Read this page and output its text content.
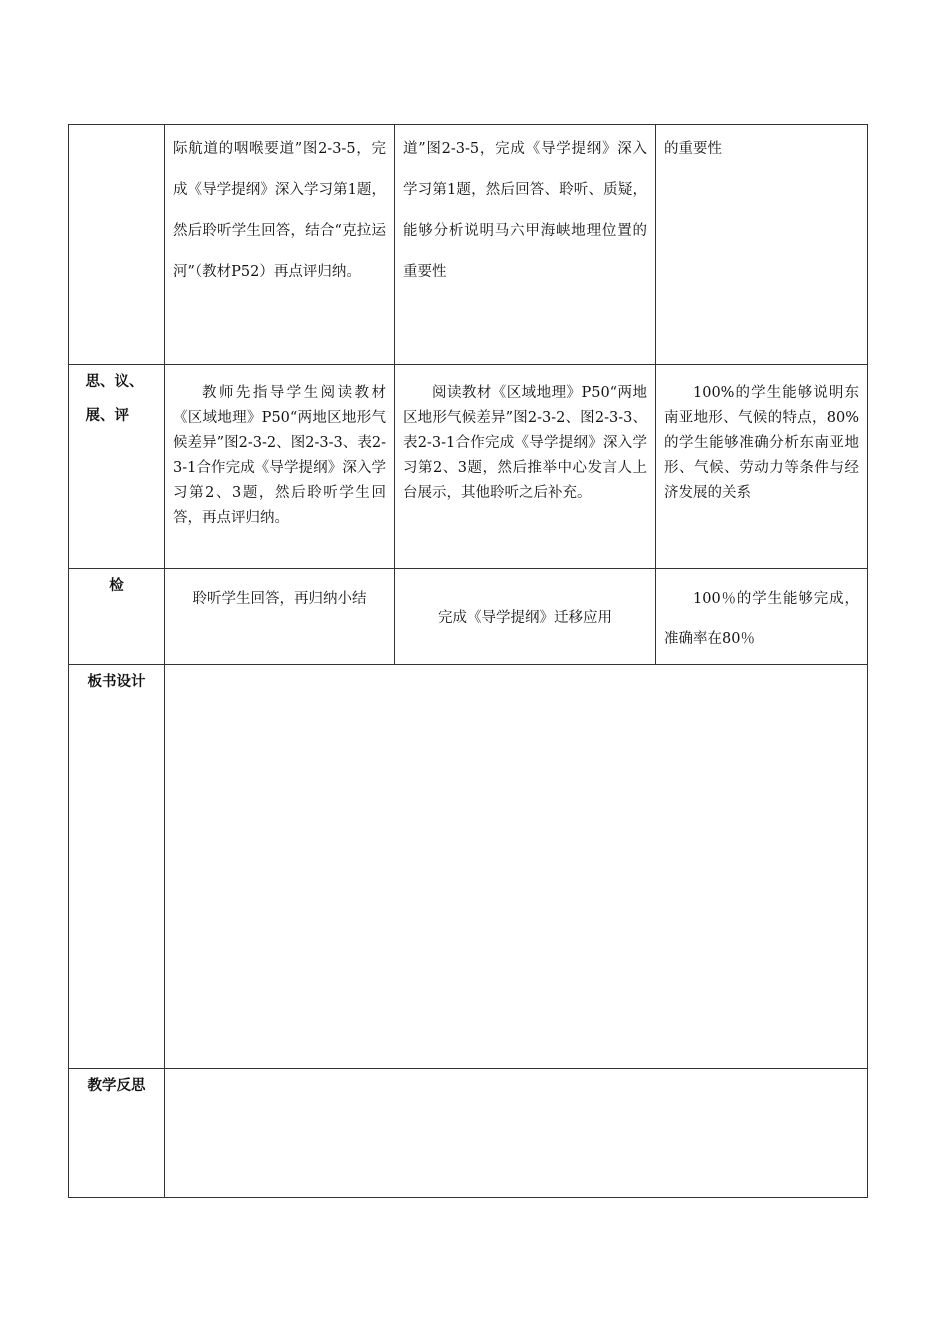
	际航道的咽喉要道”图2-3-5，完成《导学提纲》深入学习第1题，然后聆听学生回答，结合“克拉运河”（教材P52）再点评归纳。	道”图2-3-5，完成《导学提纲》深入学习第1题，然后回答、聆听、质疑，能够分析说明马六甲海峡地理位置的重要性	的重要性

思、议、展、评	教师先指导学生阅读教材《区域地理》P50“两地区地形气候差异”图2-3-2、图2-3-3、表2-3-1合作完成《导学提纲》深入学习第2、3题，然后聆听学生回答，再点评归纳。	阅读教材《区域地理》P50“两地区地形气候差异”图2-3-2、图2-3-3、表2-3-1合作完成《导学提纲》深入学习第2、3题，然后推举中心发言人上台展示，其他聆听之后补充。	100%的学生能够说明东南亚地形、气候的特点，80%的学生能够准确分析东南亚地形、气候、劳动力等条件与经济发展的关系

检	聆听学生回答，再归纳小结	完成《导学提纲》迁移应用	100％的学生能够完成，准确率在80％

板书设计			
教学反思			
